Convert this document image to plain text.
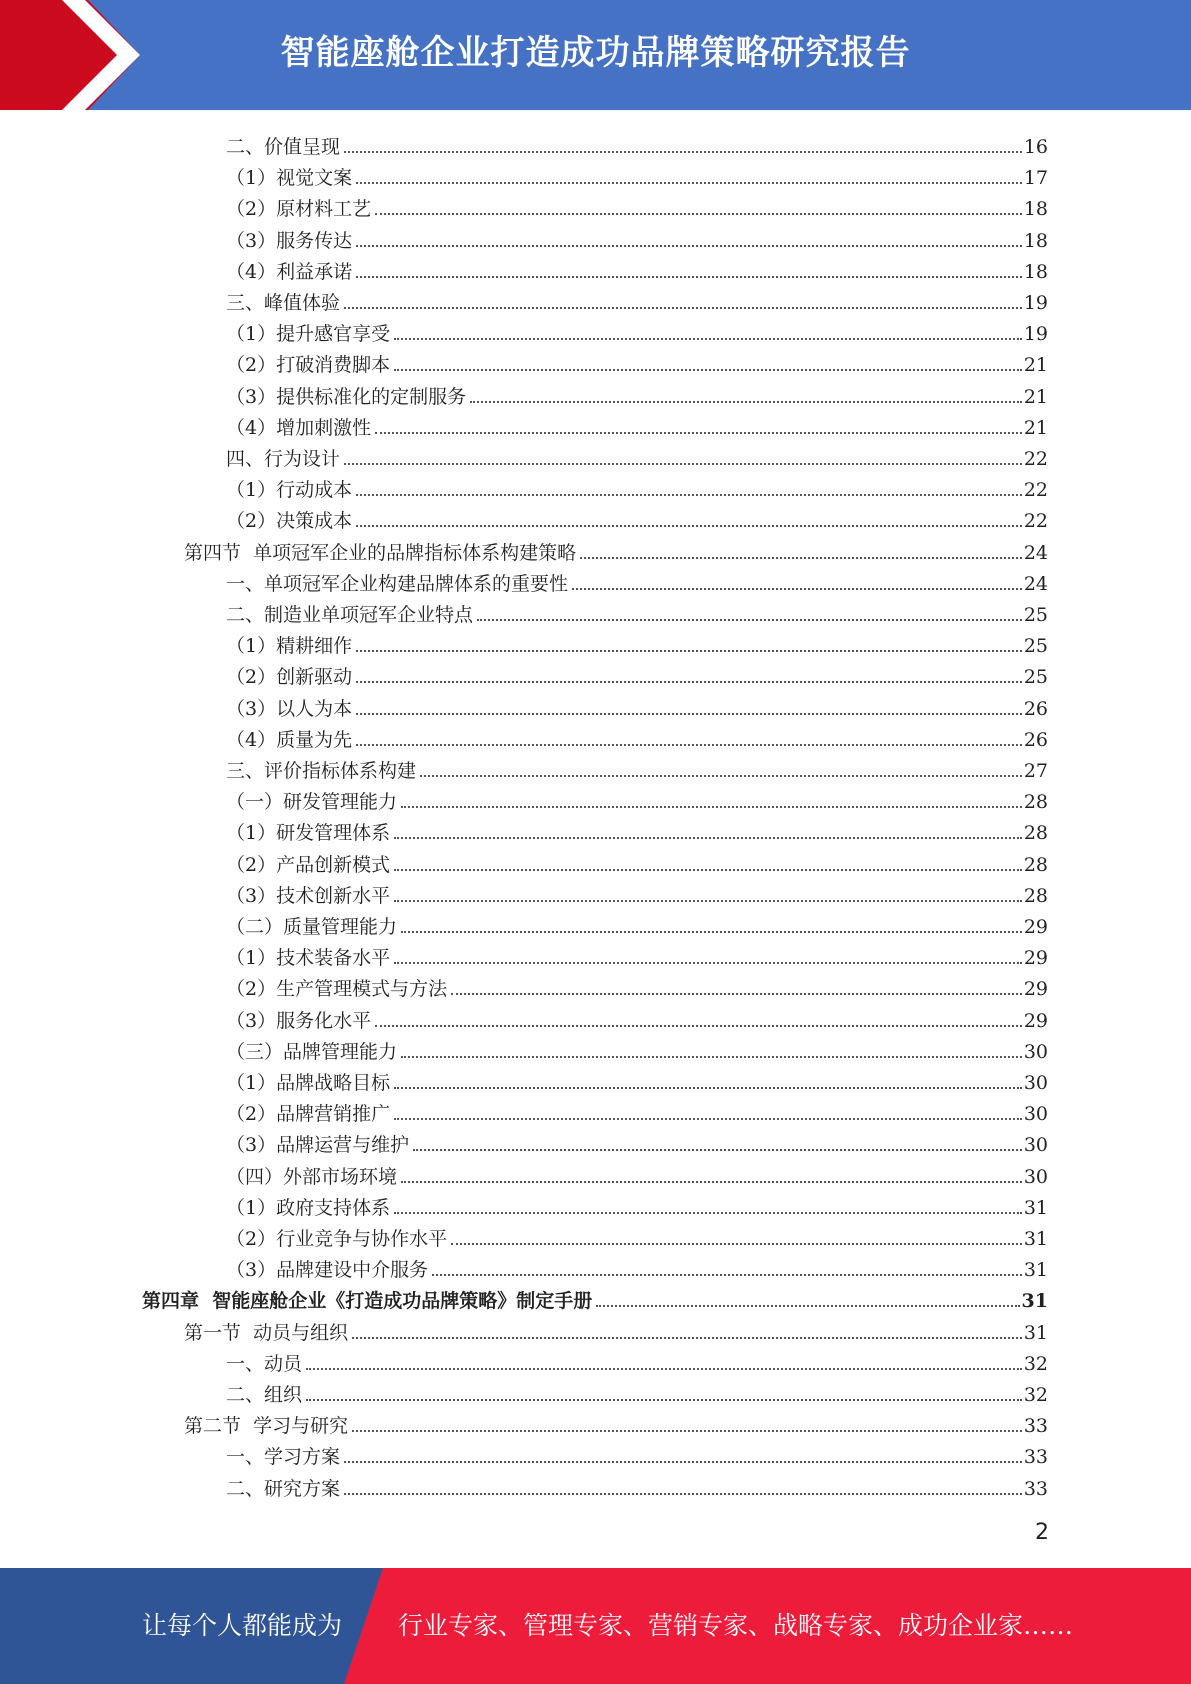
智能座舱企业打造成功品牌策略研究报告
二、价值呈现	16
（1）视觉文案	17
（2）原材料工艺	18
（3）服务传达	18
（4）利益承诺	18
三、峰值体验	19
（1）提升感官享受	19
（2）打破消费脚本	21
（3）提供标准化的定制服务	21
（4）增加刺激性	21
四、行为设计	22
（1）行动成本	22
（2）决策成本	22
第四节  单项冠军企业的品牌指标体系构建策略	24
一、单项冠军企业构建品牌体系的重要性	24
二、制造业单项冠军企业特点	25
（1）精耕细作	25
（2）创新驱动	25
（3）以人为本	26
（4）质量为先	26
三、评价指标体系构建	27
（一）研发管理能力	28
（1）研发管理体系	28
（2）产品创新模式	28
（3）技术创新水平	28
（二）质量管理能力	29
（1）技术装备水平	29
（2）生产管理模式与方法	29
（3）服务化水平	29
（三）品牌管理能力	30
（1）品牌战略目标	30
（2）品牌营销推广	30
（3）品牌运营与维护	30
（四）外部市场环境	30
（1）政府支持体系	31
（2）行业竞争与协作水平	31
（3）品牌建设中介服务	31
第四章  智能座舱企业《打造成功品牌策略》制定手册	31
第一节  动员与组织	31
一、动员	32
二、组织	32
第二节  学习与研究	33
一、学习方案	33
二、研究方案	33
2
让每个人都能成为 行业专家、管理专家、营销专家、战略专家、成功企业家……
